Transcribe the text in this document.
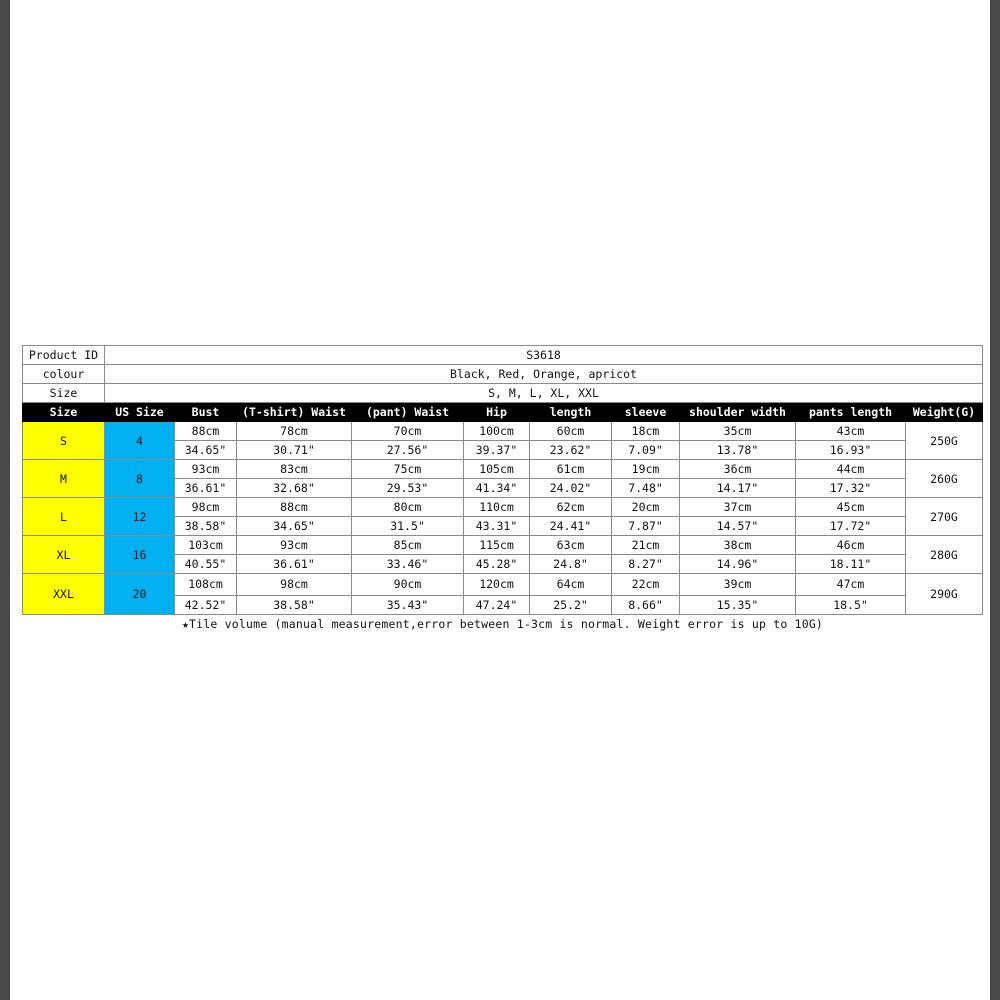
Product ID	S3618									
colour	Black, Red, Orange, apricot									
Size	S, M, L, XL, XXL									
Size	US Size	Bust	(T-shirt) Waist	(pant) Waist	Hip	length	sleeve	shoulder width	pants length	Weight(G)
S	4	88cm	78cm	70cm	100cm	60cm	18cm	35cm	43cm	250G
		34.65"	30.71"	27.56"	39.37"	23.62"	7.09"	13.78"	16.93"	
M	8	93cm	83cm	75cm	105cm	61cm	19cm	36cm	44cm	260G
		36.61"	32.68"	29.53"	41.34"	24.02"	7.48"	14.17"	17.32"	
L	12	98cm	88cm	80cm	110cm	62cm	20cm	37cm	45cm	270G
		38.58"	34.65"	31.5"	43.31"	24.41"	7.87"	14.57"	17.72"	
XL	16	103cm	93cm	85cm	115cm	63cm	21cm	38cm	46cm	280G
		40.55"	36.61"	33.46"	45.28"	24.8"	8.27"	14.96"	18.11"	
XXL	20	108cm	98cm	90cm	120cm	64cm	22cm	39cm	47cm	290G
		42.52"	38.58"	35.43"	47.24"	25.2"	8.66"	15.35"	18.5"	
★Tile volume (manual measurement,error between 1-3cm is normal. Weight error is up to 10G)										
